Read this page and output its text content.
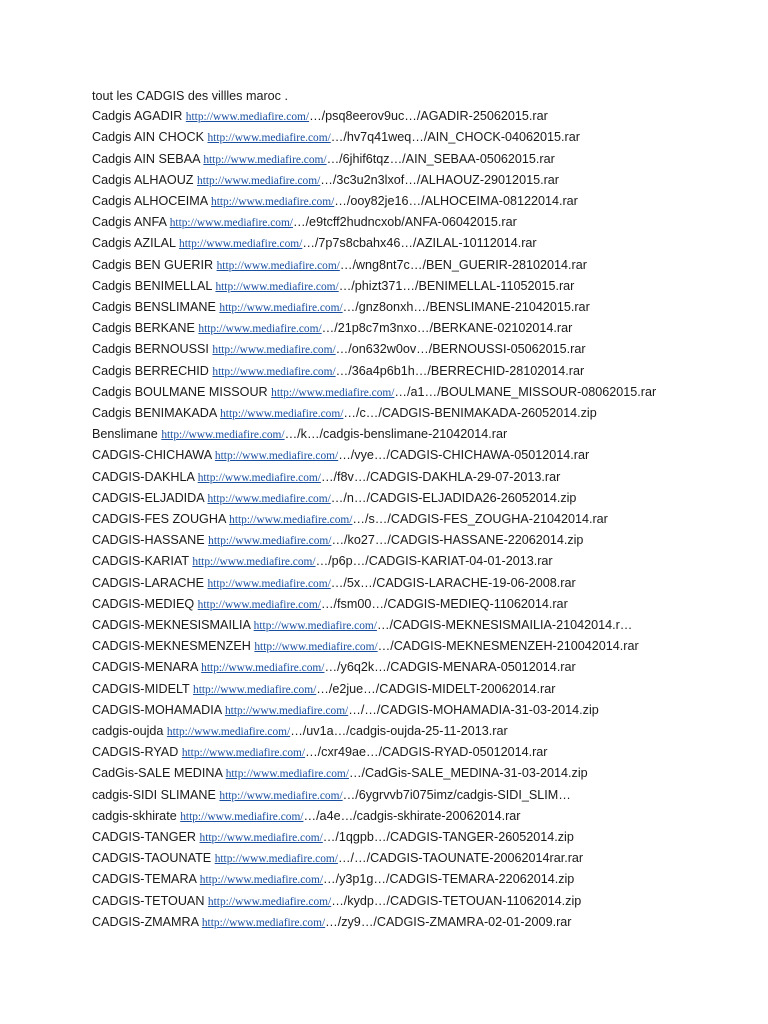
tout les CADGIS des villles maroc .

Cadgis AGADIR http://www.mediafire.com/…/psq8eerov9uc…/AGADIR-25062015.rar

Cadgis AIN CHOCK http://www.mediafire.com/…/hv7q41weq…/AIN_CHOCK-04062015.rar

Cadgis AIN SEBAA http://www.mediafire.com/…/6jhif6tqz…/AIN_SEBAA-05062015.rar

Cadgis ALHAOUZ http://www.mediafire.com/…/3c3u2n3lxof…/ALHAOUZ-29012015.rar

Cadgis ALHOCEIMA http://www.mediafire.com/…/ooy82je16…/ALHOCEIMA-08122014.rar

Cadgis ANFA http://www.mediafire.com/…/e9tcff2hudncxob/ANFA-06042015.rar

Cadgis AZILAL http://www.mediafire.com/…/7p7s8cbahx46…/AZILAL-10112014.rar

Cadgis BEN GUERIR http://www.mediafire.com/…/wng8nt7c…/BEN_GUERIR-28102014.rar

Cadgis BENIMELLAL http://www.mediafire.com/…/phizt371…/BENIMELLAL-11052015.rar

Cadgis BENSLIMANE http://www.mediafire.com/…/gnz8onxh…/BENSLIMANE-21042015.rar

Cadgis BERKANE http://www.mediafire.com/…/21p8c7m3nxo…/BERKANE-02102014.rar

Cadgis BERNOUSSI http://www.mediafire.com/…/on632w0ov…/BERNOUSSI-05062015.rar

Cadgis BERRECHID http://www.mediafire.com/…/36a4p6b1h…/BERRECHID-28102014.rar

Cadgis BOULMANE MISSOUR http://www.mediafire.com/…/a1…/BOULMANE_MISSOUR-08062015.rar

Cadgis BENIMAKADA http://www.mediafire.com/…/c…/CADGIS-BENIMAKADA-26052014.zip

Benslimane http://www.mediafire.com/…/k…/cadgis-benslimane-21042014.rar

CADGIS-CHICHAWA http://www.mediafire.com/…/vye…/CADGIS-CHICHAWA-05012014.rar

CADGIS-DAKHLA http://www.mediafire.com/…/f8v…/CADGIS-DAKHLA-29-07-2013.rar

CADGIS-ELJADIDA http://www.mediafire.com/…/n…/CADGIS-ELJADIDA26-26052014.zip

CADGIS-FES ZOUGHA http://www.mediafire.com/…/s…/CADGIS-FES_ZOUGHA-21042014.rar

CADGIS-HASSANE http://www.mediafire.com/…/ko27…/CADGIS-HASSANE-22062014.zip

CADGIS-KARIAT http://www.mediafire.com/…/p6p…/CADGIS-KARIAT-04-01-2013.rar

CADGIS-LARACHE http://www.mediafire.com/…/5x…/CADGIS-LARACHE-19-06-2008.rar

CADGIS-MEDIEQ http://www.mediafire.com/…/fsm00…/CADGIS-MEDIEQ-11062014.rar

CADGIS-MEKNESISMAILIA http://www.mediafire.com/…/CADGIS-MEKNESISMAILIA-21042014.r…

CADGIS-MEKNESMENZEH http://www.mediafire.com/…/CADGIS-MEKNESMENZEH-210042014.rar

CADGIS-MENARA http://www.mediafire.com/…/y6q2k…/CADGIS-MENARA-05012014.rar

CADGIS-MIDELT http://www.mediafire.com/…/e2jue…/CADGIS-MIDELT-20062014.rar

CADGIS-MOHAMADIA http://www.mediafire.com/…/…/CADGIS-MOHAMADIA-31-03-2014.zip

cadgis-oujda http://www.mediafire.com/…/uv1a…/cadgis-oujda-25-11-2013.rar

CADGIS-RYAD http://www.mediafire.com/…/cxr49ae…/CADGIS-RYAD-05012014.rar

CadGis-SALE MEDINA http://www.mediafire.com/…/CadGis-SALE_MEDINA-31-03-2014.zip

cadgis-SIDI SLIMANE http://www.mediafire.com/…/6ygrvvb7i075imz/cadgis-SIDI_SLIM…

cadgis-skhirate http://www.mediafire.com/…/a4e…/cadgis-skhirate-20062014.rar

CADGIS-TANGER http://www.mediafire.com/…/1qgpb…/CADGIS-TANGER-26052014.zip

CADGIS-TAOUNATE http://www.mediafire.com/…/…/CADGIS-TAOUNATE-20062014rar.rar

CADGIS-TEMARA http://www.mediafire.com/…/y3p1g…/CADGIS-TEMARA-22062014.zip

CADGIS-TETOUAN http://www.mediafire.com/…/kydp…/CADGIS-TETOUAN-11062014.zip

CADGIS-ZMAMRA http://www.mediafire.com/…/zy9…/CADGIS-ZMAMRA-02-01-2009.rar
